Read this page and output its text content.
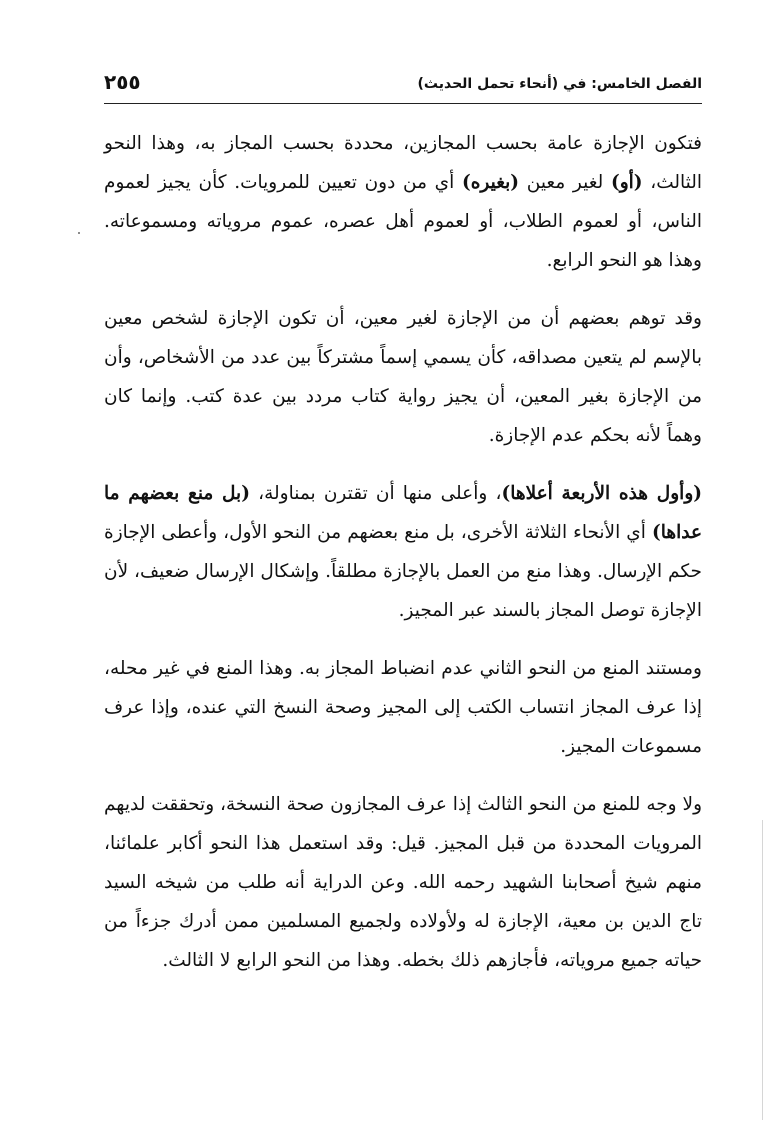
الفصل الخامس: في (أنحاء تحمل الحديث)
٢٥٥

فتكون الإجازة عامة بحسب المجازين، محددة بحسب المجاز به، وهذا النحو الثالث، (أو) لغير معين (بغيره) أي من دون تعيين للمرويات. كأن يجيز لعموم الناس، أو لعموم الطلاب، أو لعموم أهل عصره، عموم مروياته ومسموعاته. وهذا هو النحو الرابع.

وقد توهم بعضهم أن من الإجازة لغير معين، أن تكون الإجازة لشخص معين بالإسم لم يتعين مصداقه، كأن يسمي إسماً مشتركاً بين عدد من الأشخاص، وأن من الإجازة بغير المعين، أن يجيز رواية كتاب مردد بين عدة كتب. وإنما كان وهماً لأنه بحكم عدم الإجازة.

(وأول هذه الأربعة أعلاها)، وأعلى منها أن تقترن بمناولة، (بل منع بعضهم ما عداها) أي الأنحاء الثلاثة الأخرى، بل منع بعضهم من النحو الأول، وأعطى الإجازة حكم الإرسال. وهذا منع من العمل بالإجازة مطلقاً. وإشكال الإرسال ضعيف، لأن الإجازة توصل المجاز بالسند عبر المجيز.

ومستند المنع من النحو الثاني عدم انضباط المجاز به. وهذا المنع في غير محله، إذا عرف المجاز انتساب الكتب إلى المجيز وصحة النسخ التي عنده، وإذا عرف مسموعات المجيز.

ولا وجه للمنع من النحو الثالث إذا عرف المجازون صحة النسخة، وتحققت لديهم المرويات المحددة من قبل المجيز. قيل: وقد استعمل هذا النحو أكابر علمائنا، منهم شيخ أصحابنا الشهيد رحمه الله. وعن الدراية أنه طلب من شيخه السيد تاج الدين بن معية، الإجازة له ولأولاده ولجميع المسلمين ممن أدرك جزءاً من حياته جميع مروياته، فأجازهم ذلك بخطه. وهذا من النحو الرابع لا الثالث.
